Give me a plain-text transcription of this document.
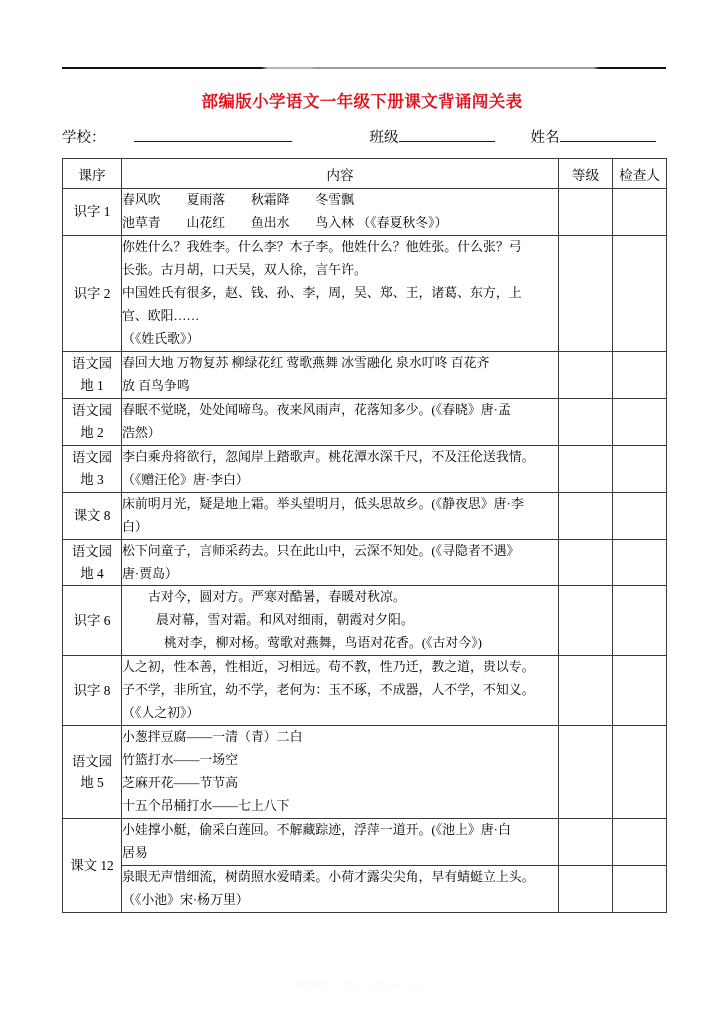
部编版小学语文一年级下册课文背诵闯关表
学校：	班级	姓名
课序	内容	等级	检查人
识字 1	春风吹　　夏雨落　　秋霜降　　冬雪飘
池草青　　山花红　　鱼出水　　鸟入林 （《春夏秋冬》）		

识字 2	你姓什么？我姓李。什么李？木子李。他姓什么？他姓张。什么张？弓
长张。古月胡，口天吴，双人徐，言午许。
中国姓氏有很多，赵、钱、孙、李，周，吴、郑、王，诸葛、东方，上
官、欧阳……
（《姓氏歌》）		

语文园
地 1	春回大地 万物复苏 柳绿花红 莺歌燕舞 冰雪融化 泉水叮咚 百花齐
放 百鸟争鸣		

语文园
地 2	春眠不觉晓，处处闻啼鸟。夜来风雨声，花落知多少。(《春晓》唐·孟
浩然）		

语文园
地 3	李白乘舟将欲行，忽闻岸上踏歌声。桃花潭水深千尺，不及汪伦送我情。
（《赠汪伦》唐·李白）		

课文 8	床前明月光，疑是地上霜。举头望明月，低头思故乡。(《静夜思》唐·李
白）		

语文园
地 4	松下问童子，言师采药去。只在此山中，云深不知处。(《寻隐者不遇》
唐·贾岛）		

识字 6	古对今，圆对方。严寒对酷暑，春暖对秋凉。
晨对幕，雪对霜。和风对细雨，朝霞对夕阳。
桃对李，柳对杨。莺歌对燕舞，鸟语对花香。(《古对今》)		

识字 8	人之初，性本善，性相近，习相远。苟不教，性乃迁，教之道，贵以专。
子不学，非所宜，幼不学，老何为：玉不琢，不成器，人不学，不知义。
（《人之初》）		

语文园
地 5	小葱拌豆腐——一清（青）二白
竹篮打水——一场空
芝麻开花——节节高
十五个吊桶打水——七上八下		

课文 12	小娃撑小艇，偷采白莲回。不解藏踪迹，浮萍一道开。(《池上》唐·白
居易		

	泉眼无声惜细流，树荫照水爱晴柔。小荷才露尖尖角，早有蜻蜓立上头。
（《小池》宋·杨万里）		

部编版小学语文资料-2022
